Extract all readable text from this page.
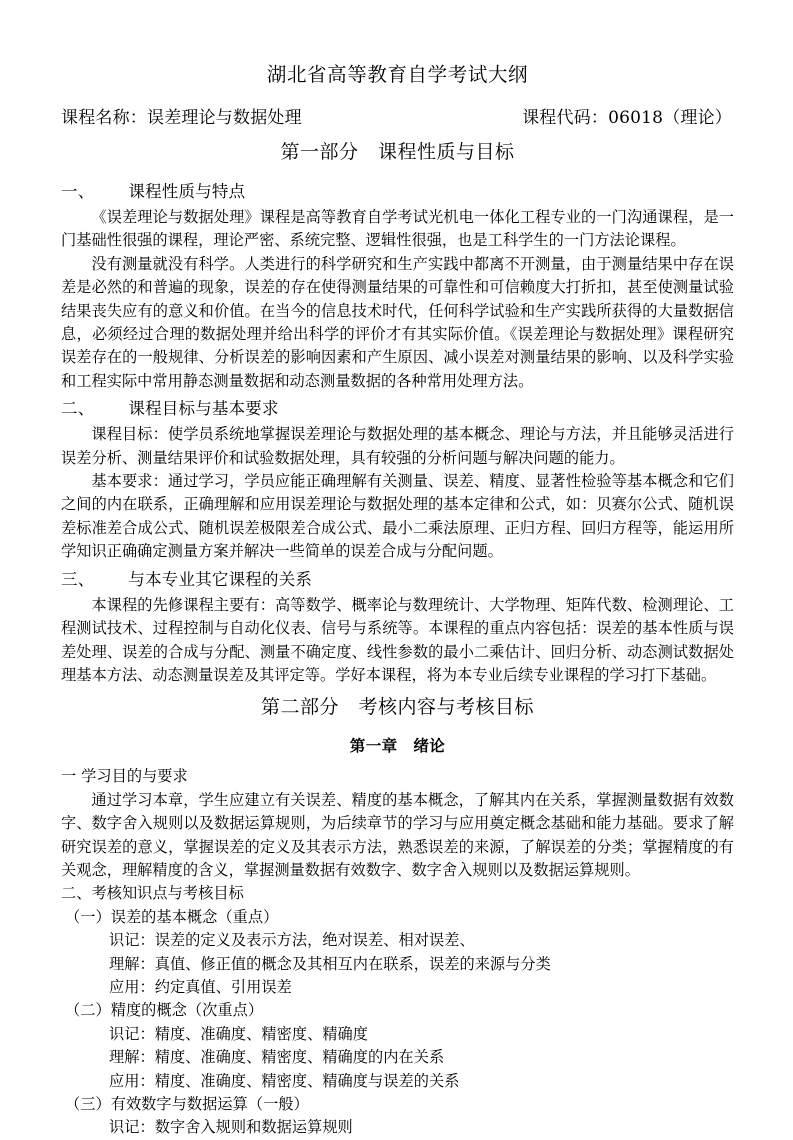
湖北省高等教育自学考试大纲
课程名称：误差理论与数据处理	课程代码：06018（理论）
第一部分　课程性质与目标
一、 课程性质与特点

《误差理论与数据处理》课程是高等教育自学考试光机电一体化工程专业的一门沟通课程，是一门基础性很强的课程，理论严密、系统完整、逻辑性很强，也是工科学生的一门方法论课程。

没有测量就没有科学。人类进行的科学研究和生产实践中都离不开测量，由于测量结果中存在误差是必然的和普遍的现象，误差的存在使得测量结果的可靠性和可信赖度大打折扣，甚至使测量试验结果丧失应有的意义和价值。在当今的信息技术时代，任何科学试验和生产实践所获得的大量数据信息，必须经过合理的数据处理并给出科学的评价才有其实际价值。《误差理论与数据处理》课程研究误差存在的一般规律、分析误差的影响因素和产生原因、减小误差对测量结果的影响、以及科学实验和工程实际中常用静态测量数据和动态测量数据的各种常用处理方法。

二、 课程目标与基本要求

课程目标：使学员系统地掌握误差理论与数据处理的基本概念、理论与方法，并且能够灵活进行误差分析、测量结果评价和试验数据处理，具有较强的分析问题与解决问题的能力。

基本要求：通过学习，学员应能正确理解有关测量、误差、精度、显著性检验等基本概念和它们之间的内在联系，正确理解和应用误差理论与数据处理的基本定律和公式，如：贝赛尔公式、随机误差标准差合成公式、随机误差极限差合成公式、最小二乘法原理、正归方程、回归方程等，能运用所学知识正确确定测量方案并解决一些简单的误差合成与分配问题。

三、 与本专业其它课程的关系

本课程的先修课程主要有：高等数学、概率论与数理统计、大学物理、矩阵代数、检测理论、工程测试技术、过程控制与自动化仪表、信号与系统等。本课程的重点内容包括：误差的基本性质与误差处理、误差的合成与分配、测量不确定度、线性参数的最小二乘估计、回归分析、动态测试数据处理基本方法、动态测量误差及其评定等。学好本课程，将为本专业后续专业课程的学习打下基础。

第二部分　考核内容与考核目标
第一章　绪论
一 学习目的与要求

通过学习本章，学生应建立有关误差、精度的基本概念，了解其内在关系，掌握测量数据有效数字、数字舍入规则以及数据运算规则，为后续章节的学习与应用奠定概念基础和能力基础。要求了解研究误差的意义，掌握误差的定义及其表示方法，熟悉误差的来源，了解误差的分类；掌握精度的有关观念，理解精度的含义，掌握测量数据有效数字、数字舍入规则以及数据运算规则。

二、考核知识点与考核目标
（一）误差的基本概念（重点）
识记：误差的定义及表示方法，绝对误差、相对误差、
理解：真值、修正值的概念及其相互内在联系，误差的来源与分类
应用：约定真值、引用误差
（二）精度的概念（次重点）
识记：精度、准确度、精密度、精确度
理解：精度、准确度、精密度、精确度的内在关系
应用：精度、准确度、精密度、精确度与误差的关系
（三）有效数字与数据运算（一般）
识记：数字舍入规则和数据运算规则
